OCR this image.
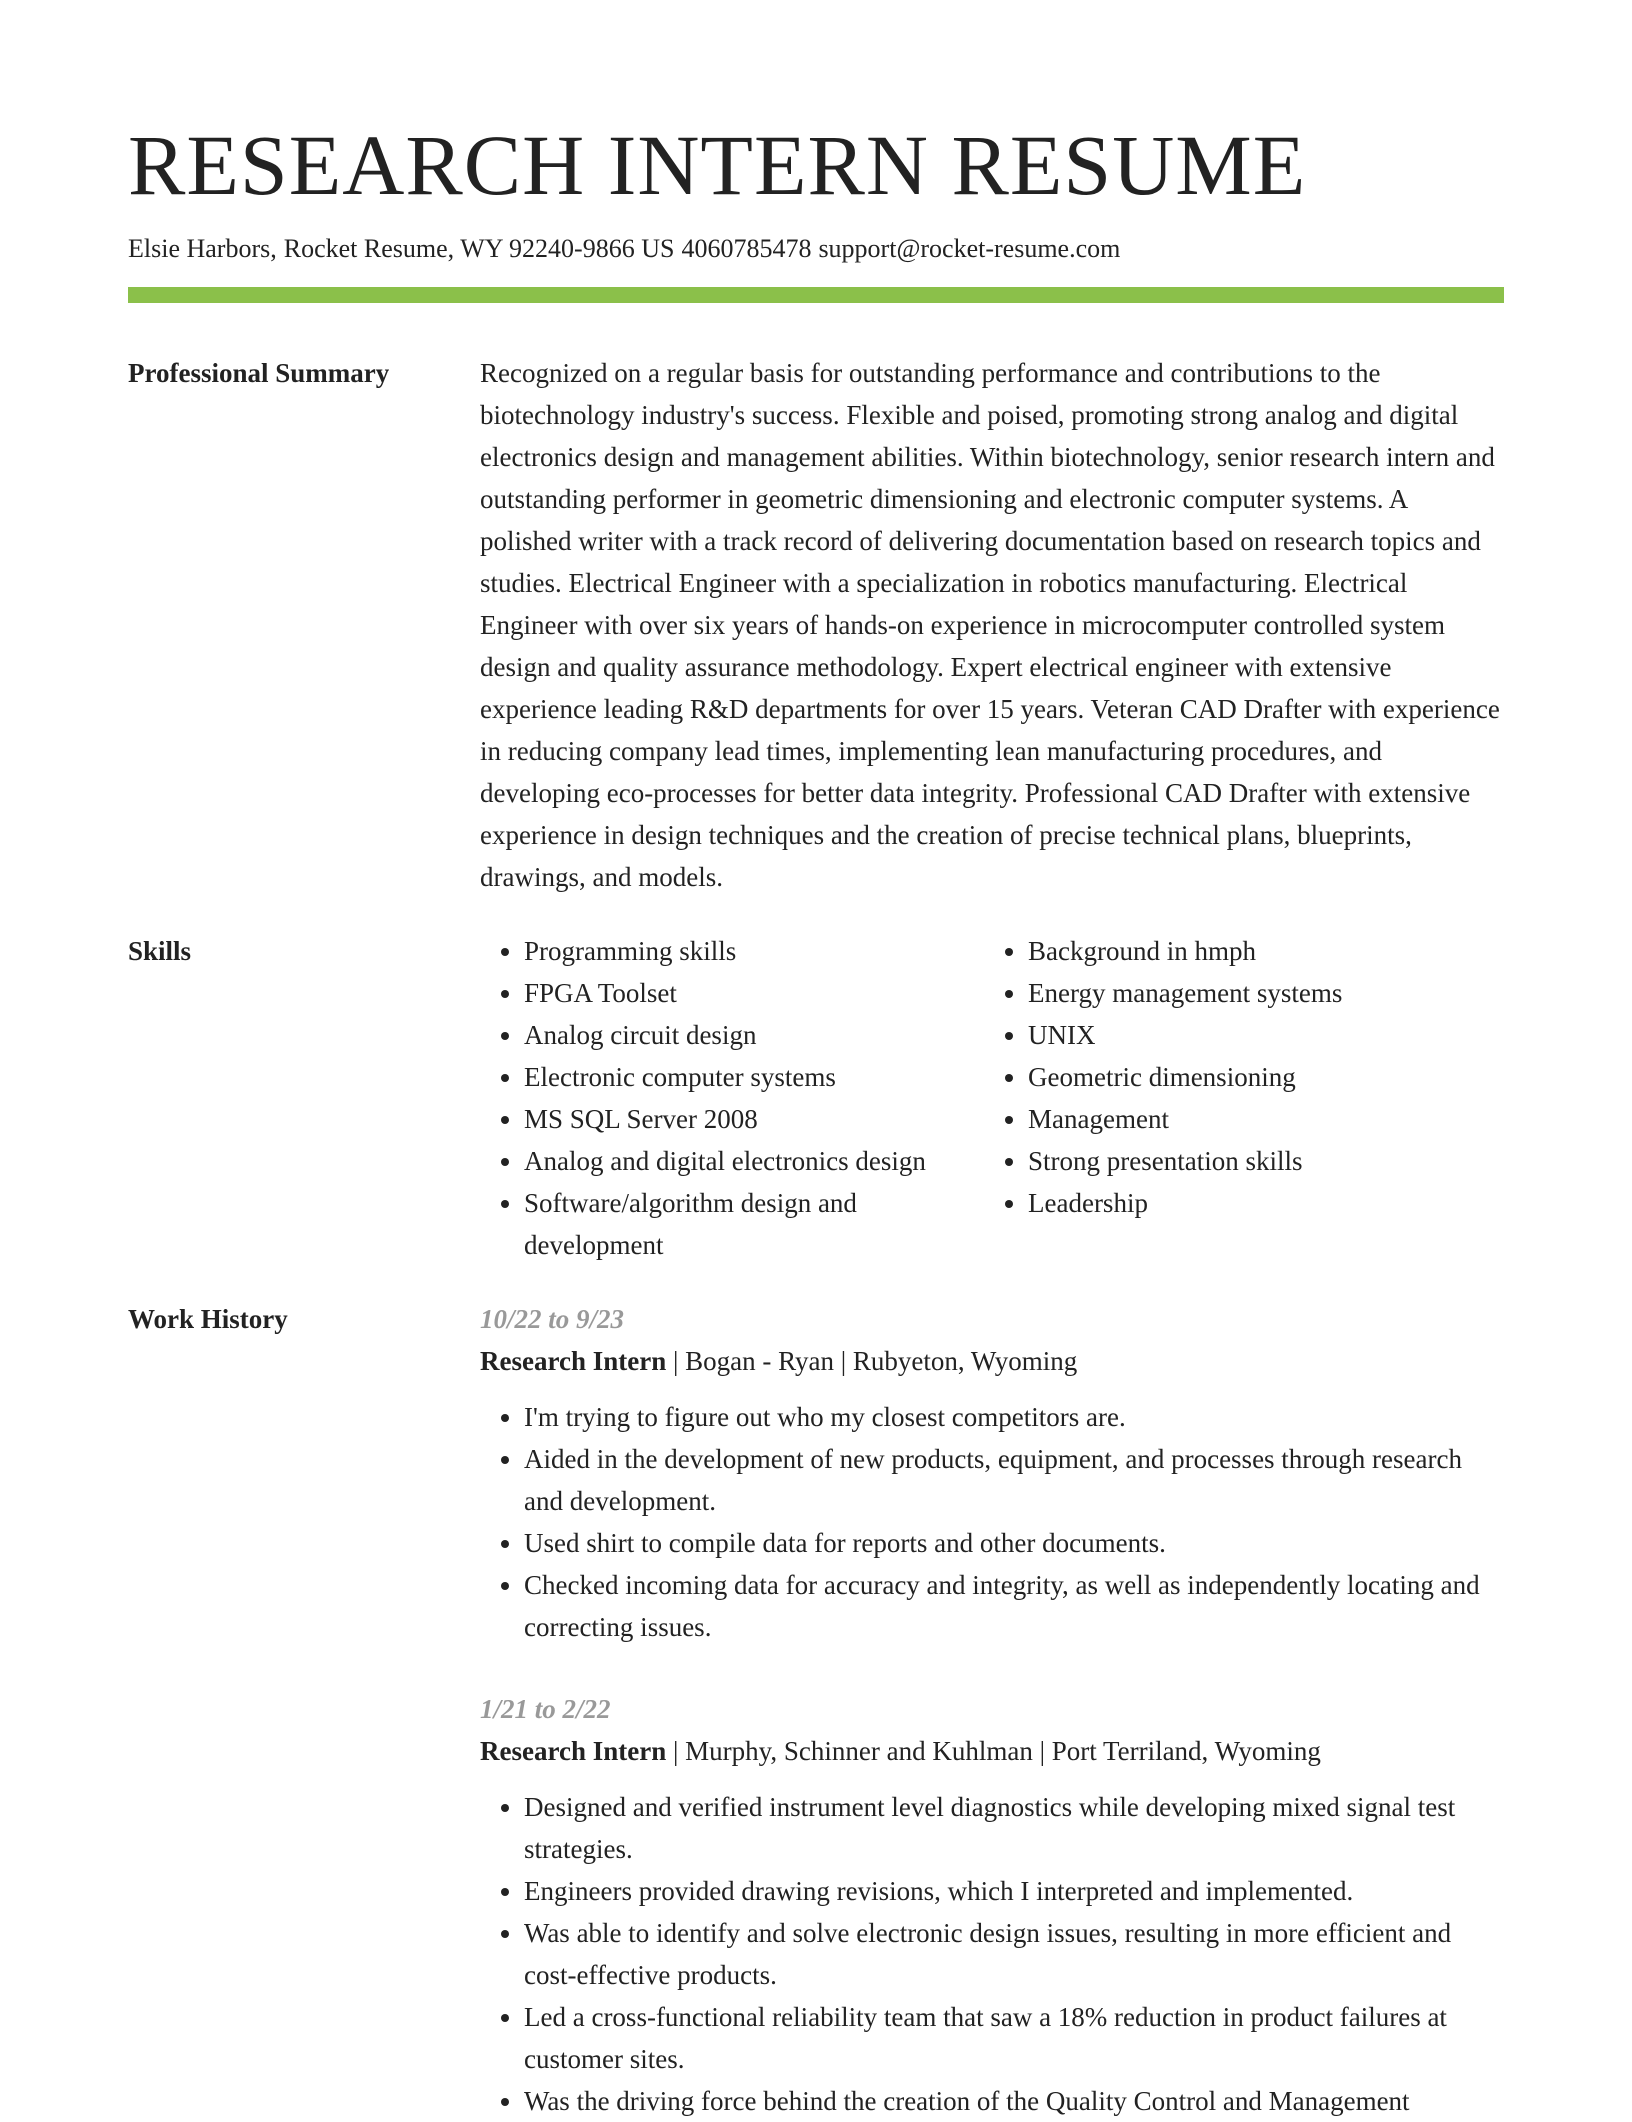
RESEARCH INTERN RESUME
Elsie Harbors, Rocket Resume, WY 92240-9866 US 4060785478 support@rocket-resume.com
Professional Summary	Recognized on a regular basis for outstanding performance and contributions to the biotechnology industry's success. Flexible and poised, promoting strong analog and digital electronics design and management abilities. Within biotechnology, senior research intern and outstanding performer in geometric dimensioning and electronic computer systems. A polished writer with a track record of delivering documentation based on research topics and studies. Electrical Engineer with a specialization in robotics manufacturing. Electrical Engineer with over six years of hands-on experience in microcomputer controlled system design and quality assurance methodology. Expert electrical engineer with extensive experience leading R&D departments for over 15 years. Veteran CAD Drafter with experience in reducing company lead times, implementing lean manufacturing procedures, and developing eco-processes for better data integrity. Professional CAD Drafter with extensive experience in design techniques and the creation of precise technical plans, blueprints, drawings, and models.

Skills
•	Programming skills
• FPGA Toolset
• Analog circuit design
• Electronic computer systems
• MS SQL Server 2008
• Analog and digital electronics design
• Software/algorithm design and development
• Background in hmph
• Energy management systems
• UNIX
• Geometric dimensioning
• Management
• Strong presentation skills
• Leadership
Work History	10/22 to 9/23
Research Intern | Bogan - Ryan | Rubyeton, Wyoming
• I'm trying to figure out who my closest competitors are.
• Aided in the development of new products, equipment, and processes through research and development.
• Used shirt to compile data for reports and other documents.
• Checked incoming data for accuracy and integrity, as well as independently locating and correcting issues.
1/21 to 2/22
Research Intern | Murphy, Schinner and Kuhlman | Port Terriland, Wyoming
• Designed and verified instrument level diagnostics while developing mixed signal test strategies.
• Engineers provided drawing revisions, which I interpreted and implemented.
• Was able to identify and solve electronic design issues, resulting in more efficient and cost-effective products.
• Led a cross-functional reliability team that saw a 18% reduction in product failures at customer sites.
• Was the driving force behind the creation of the Quality Control and Management
